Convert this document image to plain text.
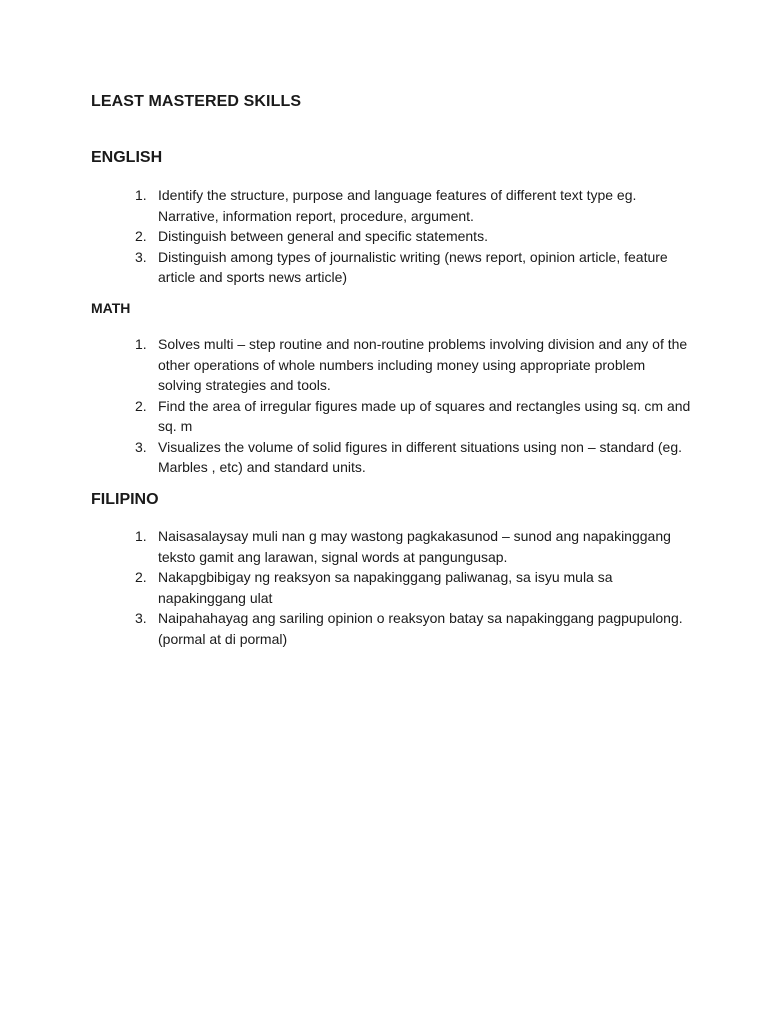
LEAST MASTERED SKILLS
ENGLISH
1. Identify the structure, purpose and language features of different text type eg. Narrative, information report, procedure, argument.
2. Distinguish between general and specific statements.
3. Distinguish among types of journalistic writing (news report, opinion article, feature article and sports news article)
MATH
1. Solves multi – step routine and non-routine problems involving division and any of the other operations of whole numbers including money using appropriate problem solving strategies and tools.
2. Find the area of irregular figures made up of squares and rectangles using sq. cm and sq. m
3. Visualizes the volume of solid figures in different situations using non – standard (eg. Marbles , etc) and standard units.
FILIPINO
1. Naisasalaysay muli nan g may wastong pagkakasunod – sunod ang napakinggang teksto gamit ang larawan, signal words at pangungusap.
2. Nakapgbibigay ng reaksyon sa napakinggang paliwanag, sa isyu mula sa napakinggang ulat
3. Naipahahayag ang sariling opinion o reaksyon batay sa napakinggang pagpupulong. (pormal at di pormal)
